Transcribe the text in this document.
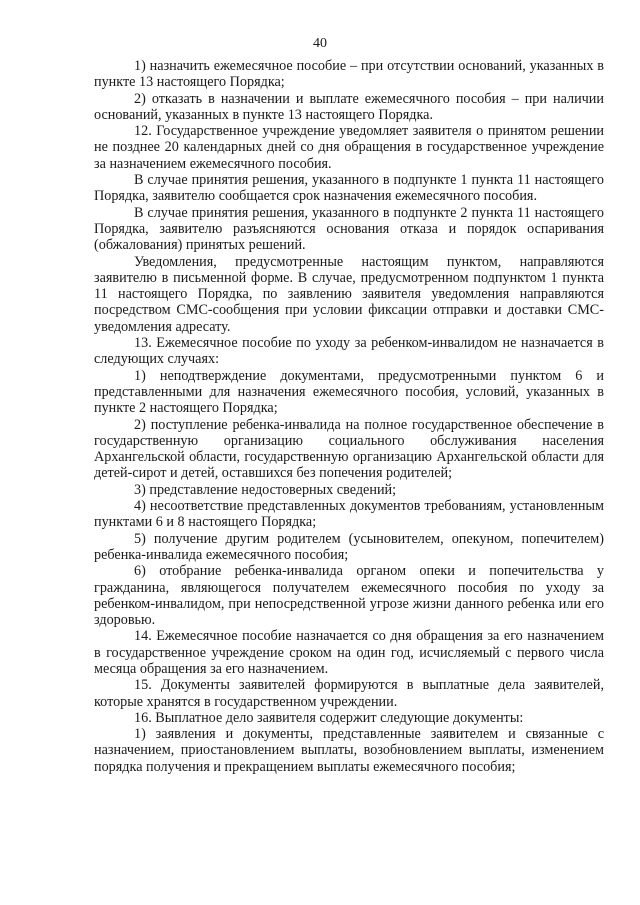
40

1) назначить ежемесячное пособие – при отсутствии оснований, указанных в пункте 13 настоящего Порядка;

2) отказать в назначении и выплате ежемесячного пособия – при наличии оснований, указанных в пункте 13 настоящего Порядка.

12. Государственное учреждение уведомляет заявителя о принятом решении не позднее 20 календарных дней со дня обращения в государственное учреждение за назначением ежемесячного пособия.

В случае принятия решения, указанного в подпункте 1 пункта 11 настоящего Порядка, заявителю сообщается срок назначения ежемесячного пособия.

В случае принятия решения, указанного в подпункте 2 пункта 11 настоящего Порядка, заявителю разъясняются основания отказа и порядок оспаривания (обжалования) принятых решений.

Уведомления, предусмотренные настоящим пунктом, направляются заявителю в письменной форме. В случае, предусмотренном подпунктом 1 пункта 11 настоящего Порядка, по заявлению заявителя уведомления направляются посредством СМС-сообщения при условии фиксации отправки и доставки СМС-уведомления адресату.

13. Ежемесячное пособие по уходу за ребенком-инвалидом не назначается в следующих случаях:

1) неподтверждение документами, предусмотренными пунктом 6 и представленными для назначения ежемесячного пособия, условий, указанных в пункте 2 настоящего Порядка;

2) поступление ребенка-инвалида на полное государственное обеспечение в государственную организацию социального обслуживания населения Архангельской области, государственную организацию Архангельской области для детей-сирот и детей, оставшихся без попечения родителей;

3) представление недостоверных сведений;

4) несоответствие представленных документов требованиям, установленным пунктами 6 и 8 настоящего Порядка;

5) получение другим родителем (усыновителем, опекуном, попечителем) ребенка-инвалида ежемесячного пособия;

6) отобрание ребенка-инвалида органом опеки и попечительства у гражданина, являющегося получателем ежемесячного пособия по уходу за ребенком-инвалидом, при непосредственной угрозе жизни данного ребенка или его здоровью.

14. Ежемесячное пособие назначается со дня обращения за его назначением в государственное учреждение сроком на один год, исчисляемый с первого числа месяца обращения за его назначением.

15. Документы заявителей формируются в выплатные дела заявителей, которые хранятся в государственном учреждении.

16. Выплатное дело заявителя содержит следующие документы:

1) заявления и документы, представленные заявителем и связанные с назначением, приостановлением выплаты, возобновлением выплаты, изменением порядка получения и прекращением выплаты ежемесячного пособия;
